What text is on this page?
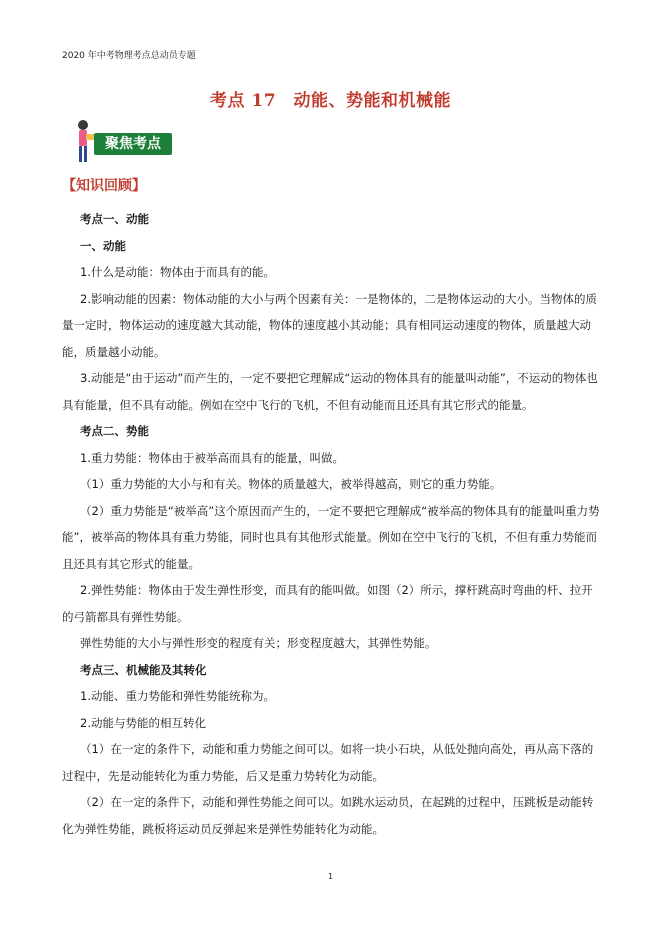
2020 年中考物理考点总动员专题
考点 17　动能、势能和机械能
聚焦考点
【知识回顾】
考点一、动能
一、动能
1.什么是动能：物体由于而具有的能。
2.影响动能的因素：物体动能的大小与两个因素有关：一是物体的，二是物体运动的大小。当物体的质
量一定时，物体运动的速度越大其动能，物体的速度越小其动能；具有相同运动速度的物体，质量越大动
能，质量越小动能。
3.动能是“由于运动”而产生的，一定不要把它理解成“运动的物体具有的能量叫动能”，不运动的物体也
具有能量，但不具有动能。例如在空中飞行的飞机，不但有动能而且还具有其它形式的能量。
考点二、势能
1.重力势能：物体由于被举高而具有的能量，叫做。
（1）重力势能的大小与和有关。物体的质量越大，被举得越高，则它的重力势能。
（2）重力势能是“被举高”这个原因而产生的，一定不要把它理解成“被举高的物体具有的能量叫重力势
能”，被举高的物体具有重力势能，同时也具有其他形式能量。例如在空中飞行的飞机，不但有重力势能而
且还具有其它形式的能量。
2.弹性势能：物体由于发生弹性形变，而具有的能叫做。如图（2）所示，撑杆跳高时弯曲的杆、拉开
的弓箭都具有弹性势能。
弹性势能的大小与弹性形变的程度有关；形变程度越大，其弹性势能。
考点三、机械能及其转化
1.动能、重力势能和弹性势能统称为。
2.动能与势能的相互转化
（1）在一定的条件下，动能和重力势能之间可以。如将一块小石块，从低处抛向高处，再从高下落的
过程中，先是动能转化为重力势能，后又是重力势转化为动能。
（2）在一定的条件下，动能和弹性势能之间可以。如跳水运动员，在起跳的过程中，压跳板是动能转
化为弹性势能，跳板将运动员反弹起来是弹性势能转化为动能。
1
